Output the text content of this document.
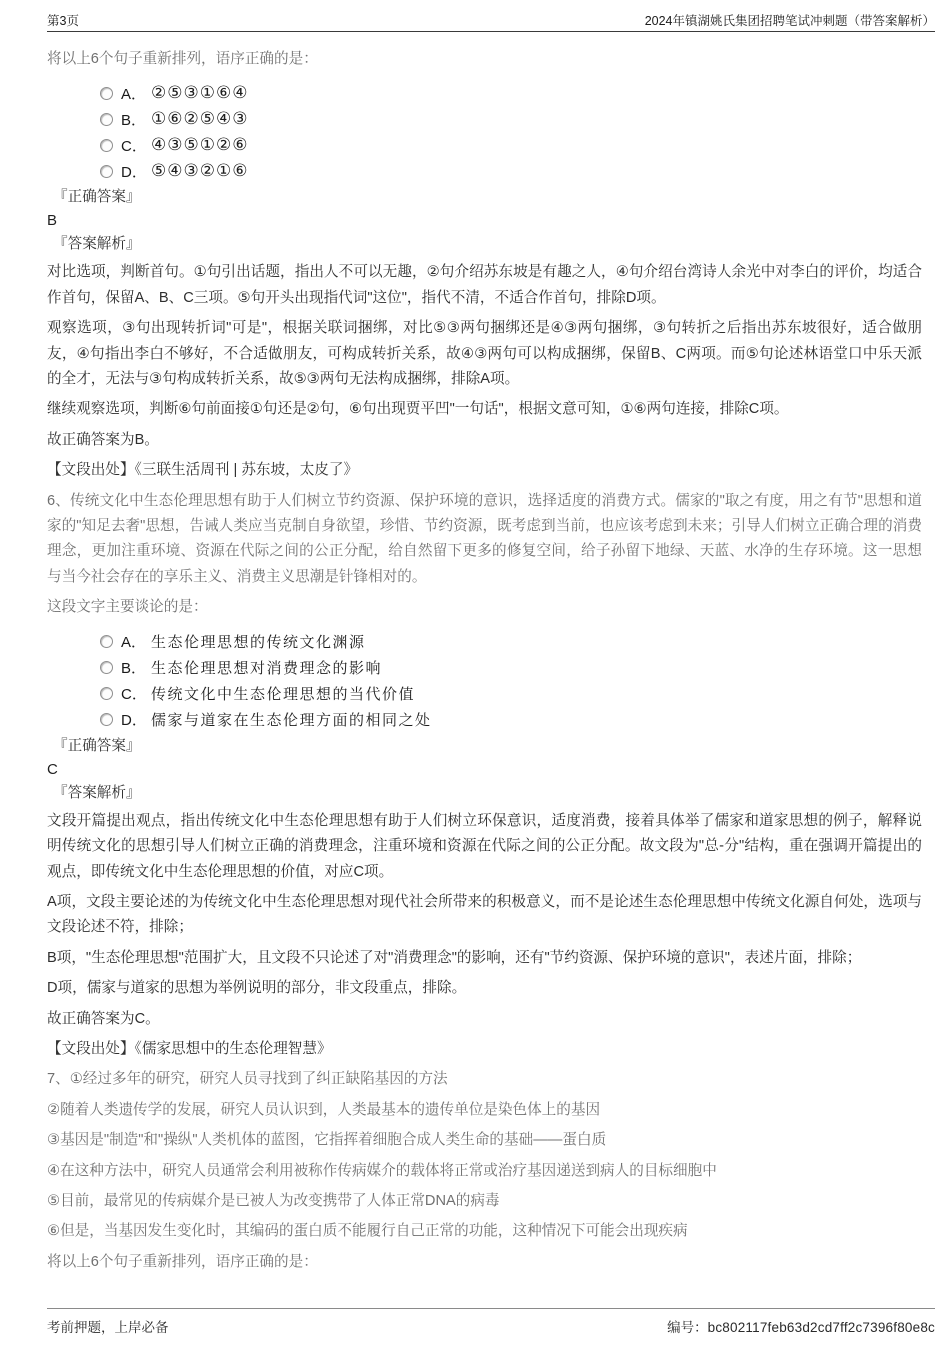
第3页	2024年镇湖姚氏集团招聘笔试冲刺题（带答案解析）

将以上6个句子重新排列，语序正确的是：

A． ②⑤③①⑥④
B． ①⑥②⑤④③
C． ④③⑤①②⑥
D． ⑤④③②①⑥

『正确答案』

B

『答案解析』

对比选项，判断首句。①句引出话题，指出人不可以无趣，②句介绍苏东坡是有趣之人，④句介绍台湾诗人余光中对李白的评价，均适合作首句，保留A、B、C三项。⑤句开头出现指代词"这位"，指代不清，不适合作首句，排除D项。

观察选项，③句出现转折词"可是"，根据关联词捆绑，对比⑤③两句捆绑还是④③两句捆绑，③句转折之后指出苏东坡很好，适合做朋友，④句指出李白不够好，不合适做朋友，可构成转折关系，故④③两句可以构成捆绑，保留B、C两项。而⑤句论述林语堂口中乐天派的全才，无法与③句构成转折关系，故⑤③两句无法构成捆绑，排除A项。

继续观察选项，判断⑥句前面接①句还是②句，⑥句出现贾平凹"一句话"，根据文意可知，①⑥两句连接，排除C项。

故正确答案为B。

【文段出处】《三联生活周刊 | 苏东坡，太皮了》

6、传统文化中生态伦理思想有助于人们树立节约资源、保护环境的意识，选择适度的消费方式。儒家的"取之有度，用之有节"思想和道家的"知足去奢"思想，告诫人类应当克制自身欲望，珍惜、节约资源，既考虑到当前，也应该考虑到未来；引导人们树立正确合理的消费理念，更加注重环境、资源在代际之间的公正分配，给自然留下更多的修复空间，给子孙留下地绿、天蓝、水净的生存环境。这一思想与当今社会存在的享乐主义、消费主义思潮是针锋相对的。

这段文字主要谈论的是：

A． 生态伦理思想的传统文化渊源
B． 生态伦理思想对消费理念的影响
C． 传统文化中生态伦理思想的当代价值
D． 儒家与道家在生态伦理方面的相同之处

『正确答案』

C

『答案解析』

文段开篇提出观点，指出传统文化中生态伦理思想有助于人们树立环保意识，适度消费，接着具体举了儒家和道家思想的例子，解释说明传统文化的思想引导人们树立正确的消费理念，注重环境和资源在代际之间的公正分配。故文段为"总-分"结构，重在强调开篇提出的观点，即传统文化中生态伦理思想的价值，对应C项。

A项，文段主要论述的为传统文化中生态伦理思想对现代社会所带来的积极意义，而不是论述生态伦理思想中传统文化源自何处，选项与文段论述不符，排除；

B项，"生态伦理思想"范围扩大，且文段不只论述了对"消费理念"的影响，还有"节约资源、保护环境的意识"，表述片面，排除；

D项，儒家与道家的思想为举例说明的部分，非文段重点，排除。

故正确答案为C。

【文段出处】《儒家思想中的生态伦理智慧》

7、①经过多年的研究，研究人员寻找到了纠正缺陷基因的方法

②随着人类遗传学的发展，研究人员认识到，人类最基本的遗传单位是染色体上的基因

③基因是"制造"和"操纵"人类机体的蓝图，它指挥着细胞合成人类生命的基础——蛋白质

④在这种方法中，研究人员通常会利用被称作传病媒介的载体将正常或治疗基因递送到病人的目标细胞中

⑤目前，最常见的传病媒介是已被人为改变携带了人体正常DNA的病毒

⑥但是，当基因发生变化时，其编码的蛋白质不能履行自己正常的功能，这种情况下可能会出现疾病

将以上6个句子重新排列，语序正确的是：

考前押题，上岸必备	编号：bc802117feb63d2cd7ff2c7396f80e8c
